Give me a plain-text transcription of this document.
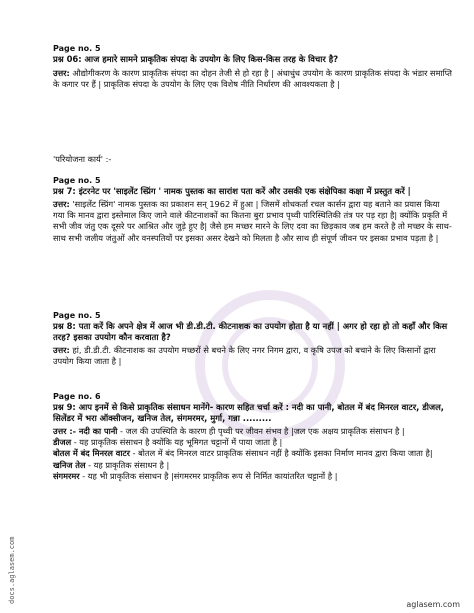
Page no. 5

प्रश्न 06: आज हमारे सामने प्राकृतिक संपदा के उपयोग के लिए किस-किस तरह के विचार है?

उत्तर: औद्योगीकरण के कारण प्राकृतिक संपदा का दोहन तेजी से हो रहा है | अंधाधुंध उपयोग के कारण प्राकृतिक संपदा के भंडार समाप्ति के कगार पर हैं | प्राकृतिक संपदा के उपयोग के लिए एक विशेष नीति निर्धारण की आवश्यकता है |

'परियोजना कार्य' :-

Page no. 5

प्रश्न 7: इंटरनेट पर 'साइलेंट स्प्रिंग ' नामक पुस्तक का सारांश पता करें और उसकी एक संक्षेपिका कक्षा में प्रस्तुत करें |

उत्तर: 'साइलेंट स्प्रिंग' नामक पुस्तक का प्रकाशन सन् 1962 में हुआ | जिसमें शोधकर्ता रचल कार्सन द्वारा यह बताने का प्रयास किया गया कि मानव द्वारा इस्तेमाल किए जाने वाले कीटनाशकों का कितना बुरा प्रभाव पृथ्वी पारिस्थितिकी तंत्र पर पड़ रहा है| क्योंकि प्रकृति में सभी जीव जंतु एक दूसरे पर आश्रित और जुड़े हुए है| जैसे हम मच्छर मारने के लिए दवा का छिड़काव जब हम करते है तो मच्छर के साथ- साथ सभी जलीय जंतुओं और वनस्पतियों पर इसका असर देखने को मिलता है और साथ ही संपूर्ण जीवन पर इसका प्रभाव पड़ता है |

Page no. 5

प्रश्न 8: पता करें कि अपने क्षेत्र में आज भी डी.डी.टी. कीटनाशक का उपयोग होता है या नहीं | अगर हो रहा हो तो कहाँ और किस तरह? इसका उपयोग कौन करवाता है?

उत्तर: हां, डी.डी.टी. कीटनाशक का उपयोग मच्छरों से बचने के लिए नगर निगम द्वारा, व कृषि उपज को बचाने के लिए किसानों द्वारा उपयोग किया जाता है |

Page no. 6

प्रश्न 9: आप इनमें से किसे प्राकृतिक संसाधन मानेंगे- कारण सहित चर्चा करें : नदी का पानी, बोतल में बंद मिनरल वाटर, डीजल, सिलेंडर में भरा ऑक्सीजन, खनिज तेल, संगमरमर, मुर्गा, गन्ना .........

उत्तर :- नदी का पानी - जल की उपस्थिति के कारण ही पृथ्वी पर जीवन संभव है |जल एक अक्षय प्राकृतिक संसाधन है |

डीजल - यह प्राकृतिक संसाधन है क्योंकि यह भूमिगत चट्टानों में पाया जाता है |

बोतल में बंद मिनरल वाटर - बोतल में बंद मिनरल वाटर प्राकृतिक संसाधन नहीं है क्योंकि इसका निर्माण मानव द्वारा किया जाता है|

खनिज तेल - यह प्राकृतिक संसाधन है |

संगमरमर - यह भी प्राकृतिक संसाधन है |संगमरमर प्राकृतिक रूप से निर्मित कायांतरित चट्टानों है |

docs.aglasem.com
aglasem.com
